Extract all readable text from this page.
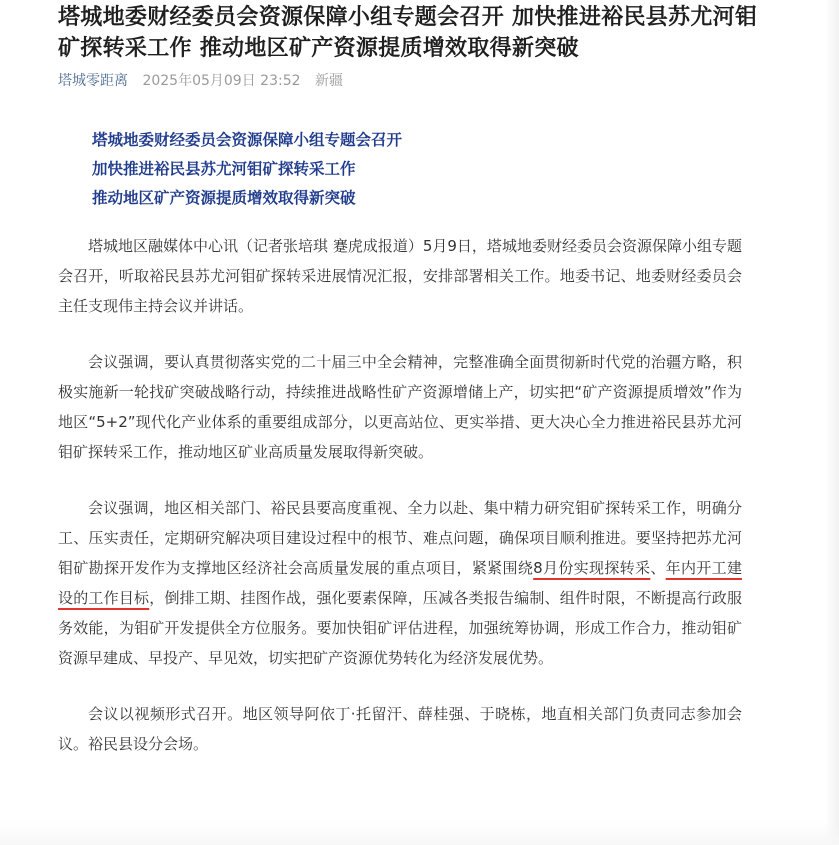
塔城地委财经委员会资源保障小组专题会召开 加快推进裕民县苏尤河钼矿探转采工作 推动地区矿产资源提质增效取得新突破
塔城零距离 2025年05月09日 23:52 新疆
塔城地委财经委员会资源保障小组专题会召开
加快推进裕民县苏尤河钼矿探转采工作
推动地区矿产资源提质增效取得新突破

塔城地区融媒体中心讯（记者张培琪 蹇虎成报道）5月9日，塔城地委财经委员会资源保障小组专题会召开，听取裕民县苏尤河钼矿探转采进展情况汇报，安排部署相关工作。地委书记、地委财经委员会主任支现伟主持会议并讲话。

会议强调，要认真贯彻落实党的二十届三中全会精神，完整准确全面贯彻新时代党的治疆方略，积极实施新一轮找矿突破战略行动，持续推进战略性矿产资源增储上产，切实把“矿产资源提质增效”作为地区“5+2”现代化产业体系的重要组成部分，以更高站位、更实举措、更大决心全力推进裕民县苏尤河钼矿探转采工作，推动地区矿业高质量发展取得新突破。

会议强调，地区相关部门、裕民县要高度重视、全力以赴、集中精力研究钼矿探转采工作，明确分工、压实责任，定期研究解决项目建设过程中的根节、难点问题，确保项目顺利推进。要坚持把苏尤河钼矿勘探开发作为支撑地区经济社会高质量发展的重点项目，紧紧围绕8月份实现探转采、年内开工建设的工作目标，倒排工期、挂图作战，强化要素保障，压减各类报告编制、组件时限，不断提高行政服务效能，为钼矿开发提供全方位服务。要加快钼矿评估进程，加强统筹协调，形成工作合力，推动钼矿资源早建成、早投产、早见效，切实把矿产资源优势转化为经济发展优势。

会议以视频形式召开。地区领导阿依丁·托留汗、薛桂强、于晓栋，地直相关部门负责同志参加会议。裕民县设分会场。
